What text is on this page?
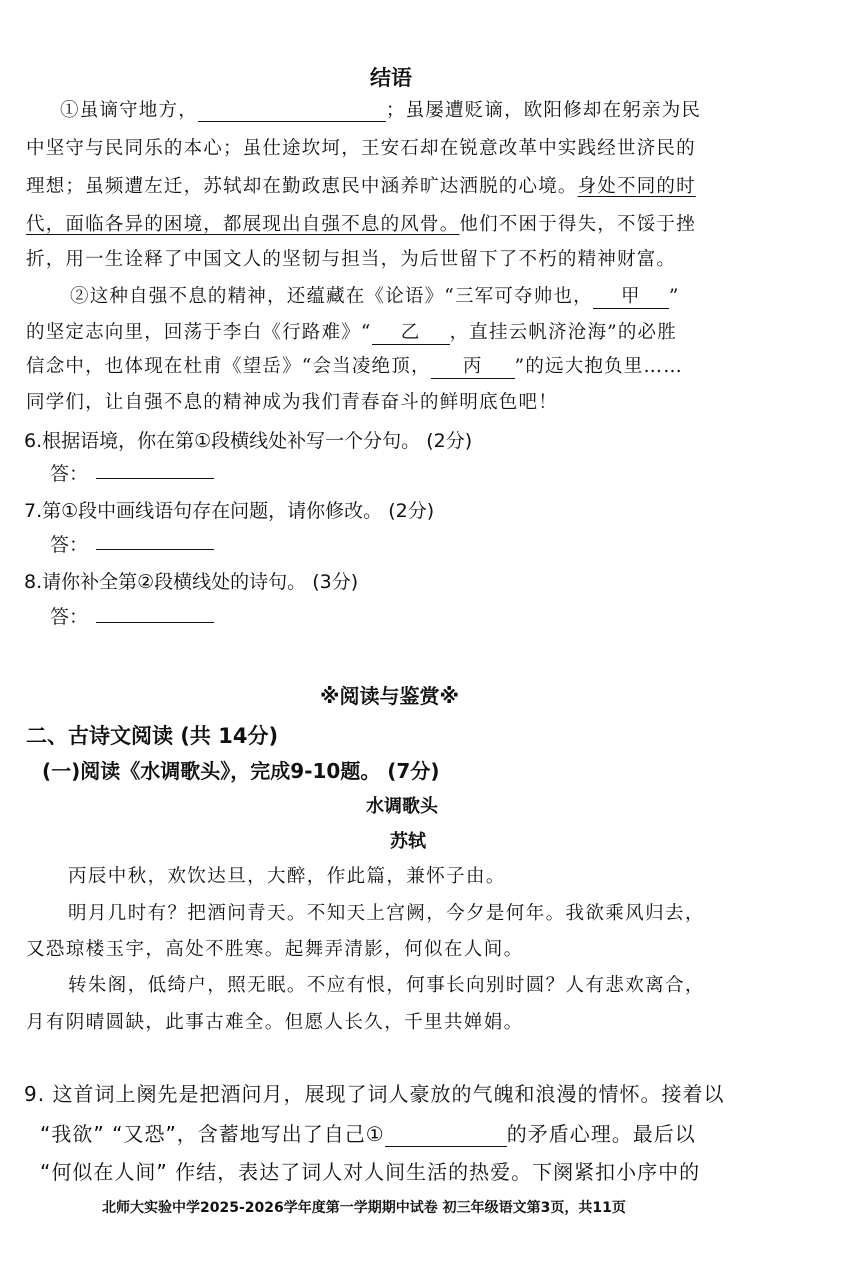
结语
①虽谪守地方，	；虽屡遭贬谪，欧阳修却在躬亲为民
中坚守与民同乐的本心；虽仕途坎坷，王安石却在锐意改革中实践经世济民的
理想；虽频遭左迁，苏轼却在勤政恵民中涵养旷达洒脱的心境。身处不同的时
代，面临各异的困境，都展现出自强不息的风骨。他们不困于得失，不馁于挫
折，用一生诠释了中国文人的坚韧与担当，为后世留下了不朽的精神财富。
②这种自强不息的精神，还蕴藏在《论语》“三军可夺帅也， 甲 ”
的坚定志向里，回荡于李白《行路难》“ 乙 ，直挂云帆济沧海”的必胜
信念中，也体现在杜甫《望岳》“会当凌绝顶， 丙 ”的远大抱负里……
同学们，让自强不息的精神成为我们青春奋斗的鲜明底色吧！
6.根据语境，你在第①段横线处补写一个分句。 (2分)
答：
7.第①段中画线语句存在问题，请你修改。 (2分)
答：
8.请你补全第②段横线处的诗句。 (3分)
答：
※阅读与鉴赏※
二、古诗文阅读 (共 14分)
(一)阅读《水调歌头》，完成9-10题。 (7分)
水调歌头
苏轼
丙辰中秋，欢饮达旦，大醉，作此篇，兼怀子由。
明月几时有？把酒问青天。不知天上宫阙，今夕是何年。我欲乘风归去，
又恐琼楼玉宇，高处不胜寒。起舞弄清影，何似在人间。
转朱阁，低绮户，照无眠。不应有恨，何事长向别时圆？人有悲欢离合，
月有阴晴圆缺，此事古难全。但愿人长久，千里共婵娟。
9. 这首词上阕先是把酒问月，展现了词人豪放的气魄和浪漫的情怀。接着以
“我欲” “又恐”，含蓄地写出了自己①	的矛盾心理。最后以
“何似在人间” 作结，表达了词人对人间生活的热爱。下阕紧扣小序中的
北师大实验中学2025-2026学年度第一学期期中试卷 初三年级语文第3页，共11页
